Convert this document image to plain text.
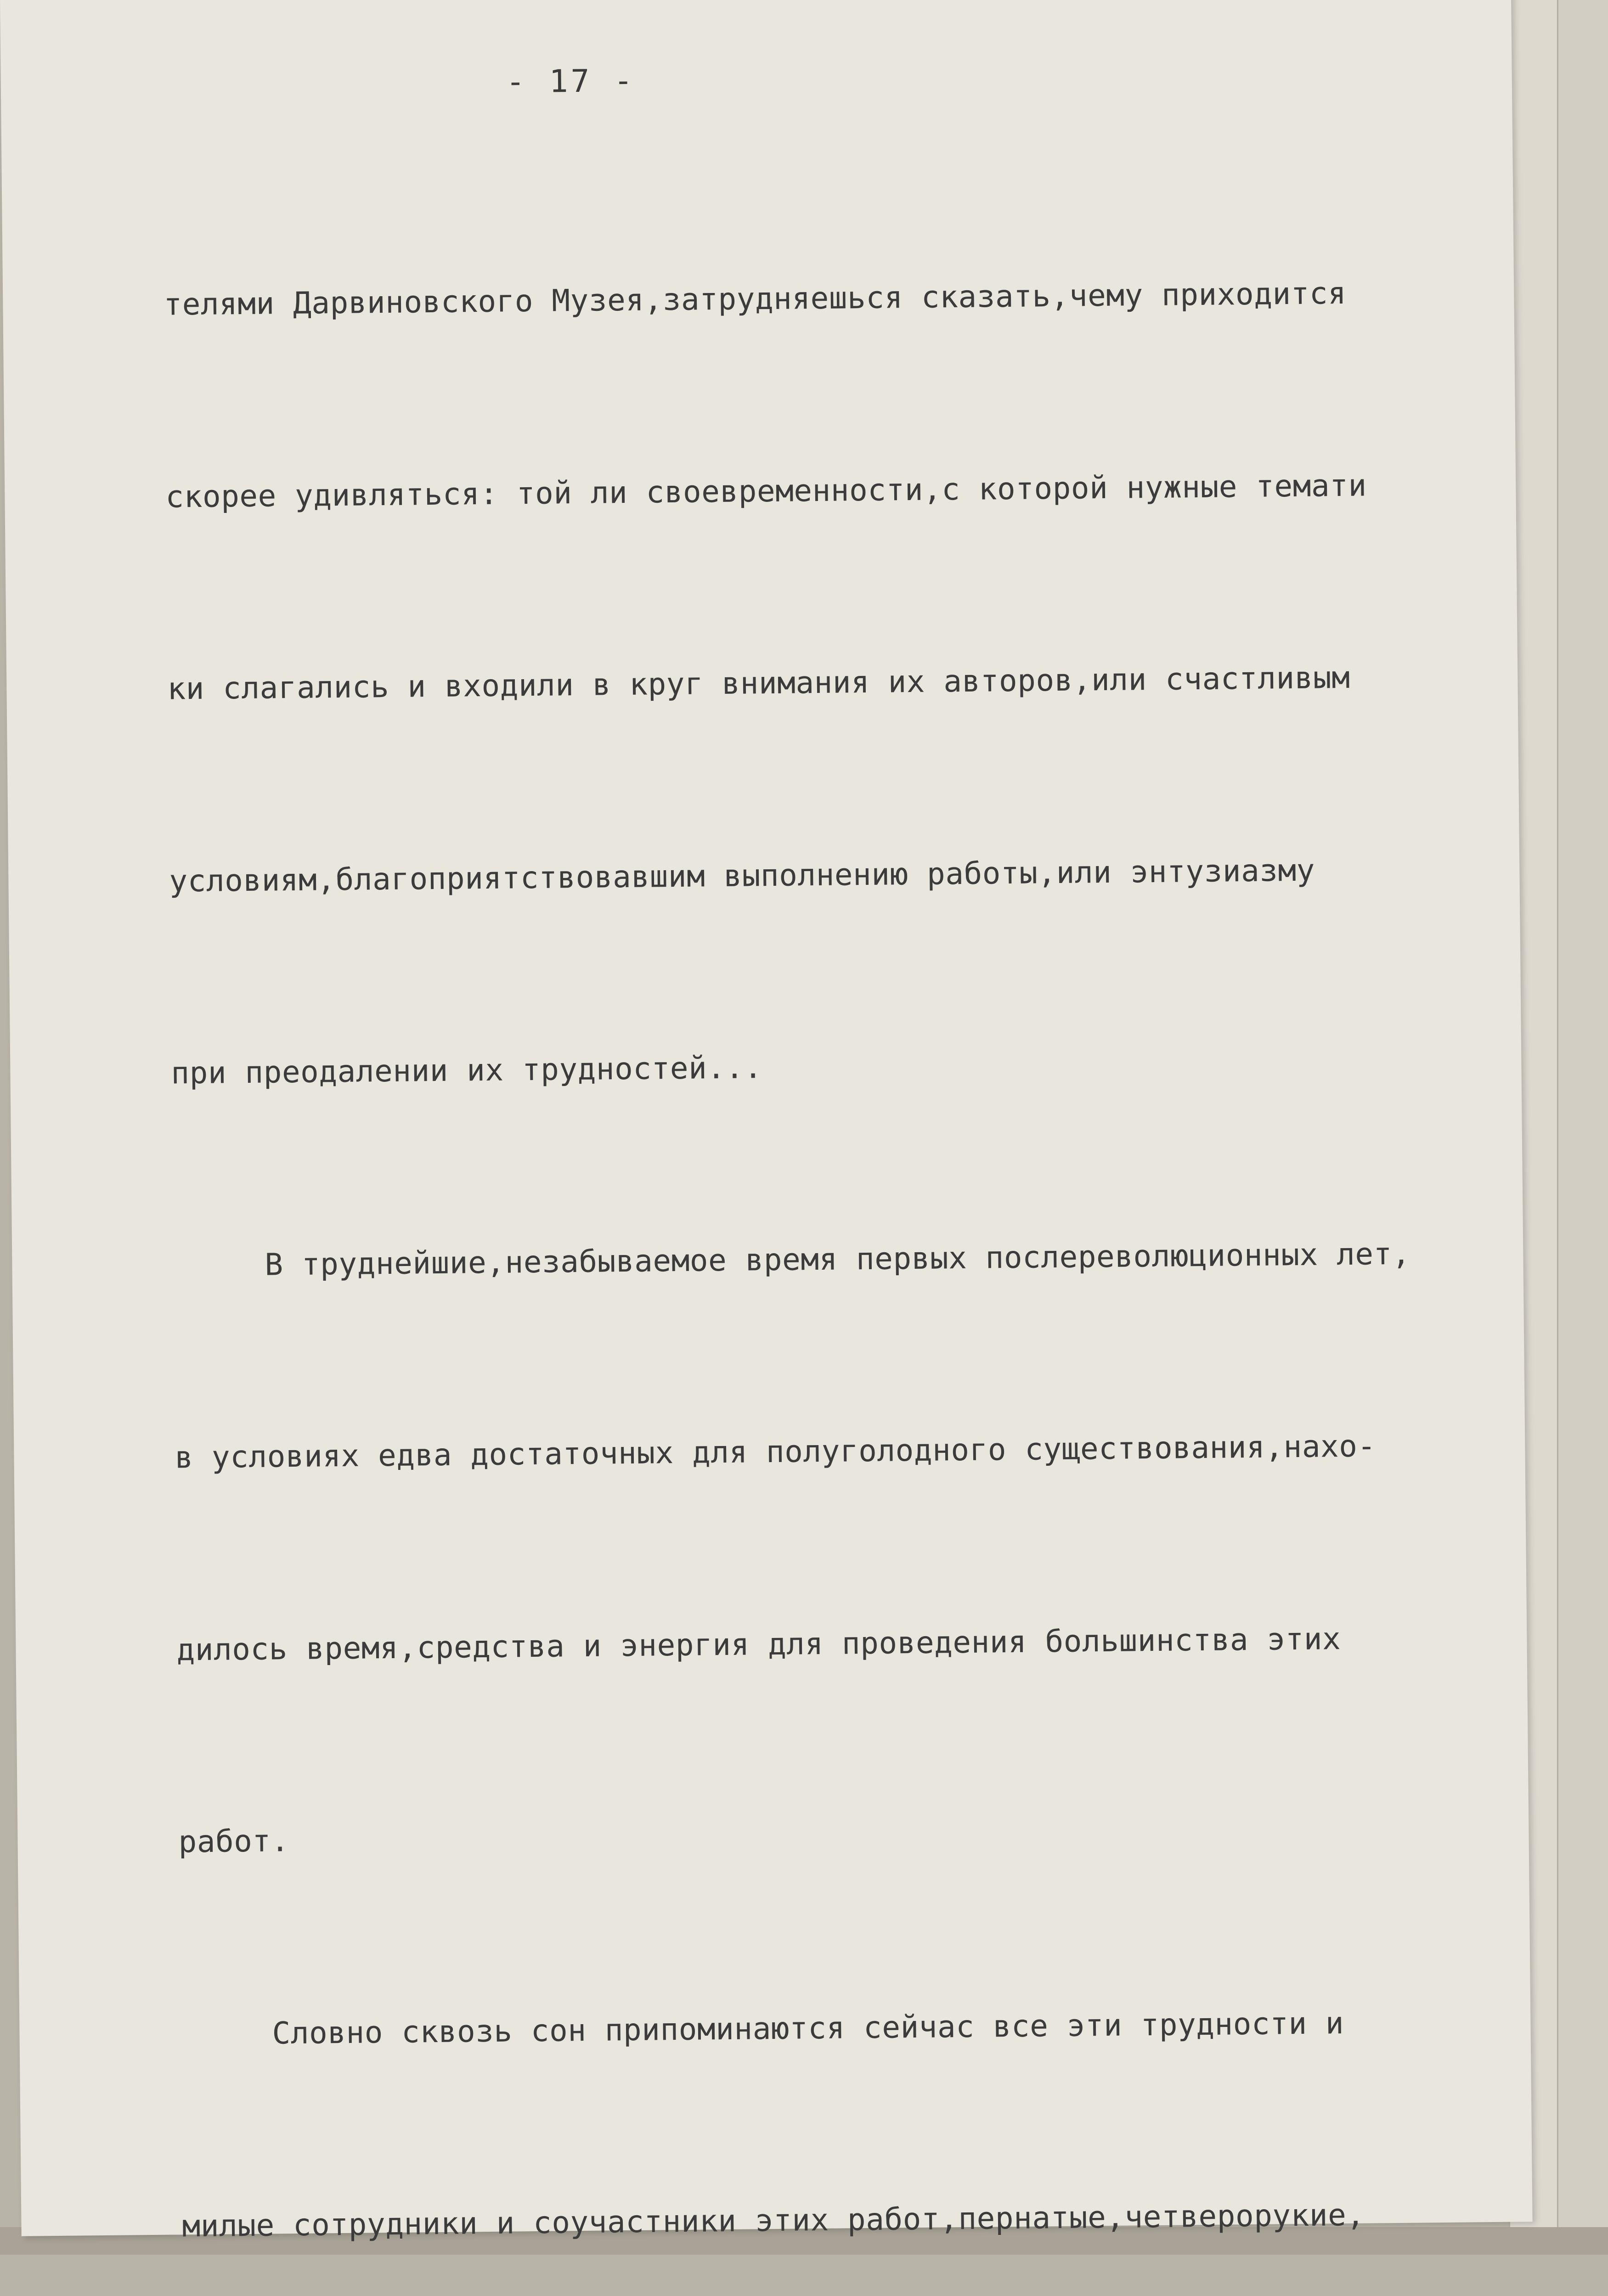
- 17 -

телями Дарвиновского Музея,затрудняешься сказать,чему приходится

скорее удивляться: той ли своевременности,с которой нужные темати

ки слагались и входили в круг внимания их авторов,или счастливым

условиям,благоприятствовавшим выполнению работы,или энтузиазму

при преодалении их трудностей...

В труднейшие,незабываемое время первых послереволюционных лет,

в условиях едва достаточных для полуголодного существования,нахо-

дилось время,средства и энергия для проведения большинства этих

работ.

Словно сквозь сон припоминаются сейчас все эти трудности и

милые сотрудники и соучастники этих работ,пернатые,четверорукие,
